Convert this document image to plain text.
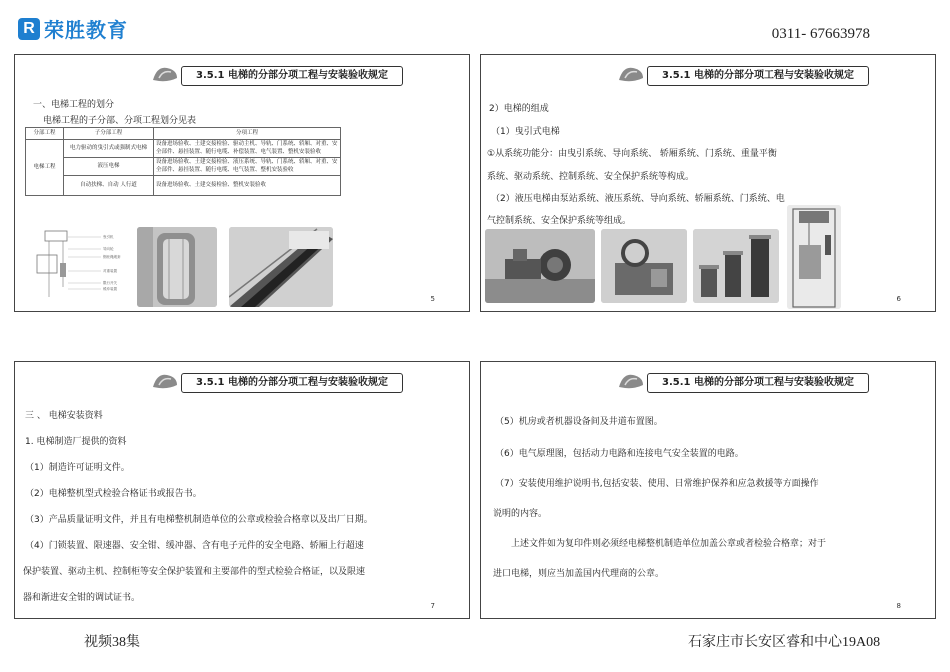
R 荣胜教育	0311- 67663978
3.5.1 电梯的分部分项工程与安装验收规定
一、电梯工程的划分
电梯工程的子分部、分项工程划分见表
分部工程	子分部工程	分项工程
电梯工程	电力驱动的曳引式或强制式电梯	设备进场验收、土建交接检验、驱动主机、导轨、门系统、轿厢、对重、安 全部件、悬挂装置、随行电缆、补偿装置、电气装置、整机安装验收
	液压电梯	设备进场验收、土建交接检验、液压系统、导轨、门系统、轿厢、对重、安 全部件、悬挂装置、随行电缆、电气装置、整机安装验收
	自动扶梯、自动 人行道	设备进场验收、土建交接检验、整机安装验收
曳引机
导向轮
钢丝绳绳套
对重装置
限行开关
缓冲装置
5
3.5.1 电梯的分部分项工程与安装验收规定
2）电梯的组成
（1）曳引式电梯
①从系统功能分：由曳引系统、导向系统、 轿厢系统、门系统、重量平衡
系统、驱动系统、控制系统、安全保护系统等构成。
（2）液压电梯由泵站系统、液压系统、导向系统、轿厢系统、门系统、电
气控制系统、安全保护系统等组成。
6
3.5.1 电梯的分部分项工程与安装验收规定
三 、 电梯安装资料
1. 电梯制造厂提供的资料
（1）制造许可证明文件。
（2）电梯整机型式检验合格证书或报告书。
（3）产品质量证明文件，并且有电梯整机制造单位的公章或检验合格章以及出厂日期。
（4）门锁装置、限速器、安全钳、缓冲器、含有电子元件的安全电路、轿厢上行超速
保护装置、驱动主机、控制柜等安全保护装置和主要部件的型式检验合格证，以及限速
器和渐进安全钳的调试证书。
7
3.5.1 电梯的分部分项工程与安装验收规定
（5）机房或者机器设备间及井道布置图。
（6）电气原理图，包括动力电路和连接电气安全装置的电路。
（7）安装使用维护说明书,包括安装、使用、日常维护保养和应急救援等方面操作
说明的内容。
上述文件如为复印件则必须经电梯整机制造单位加盖公章或者检验合格章；对于
进口电梯，则应当加盖国内代理商的公章。
8
视频38集	石家庄市长安区睿和中心19A08
